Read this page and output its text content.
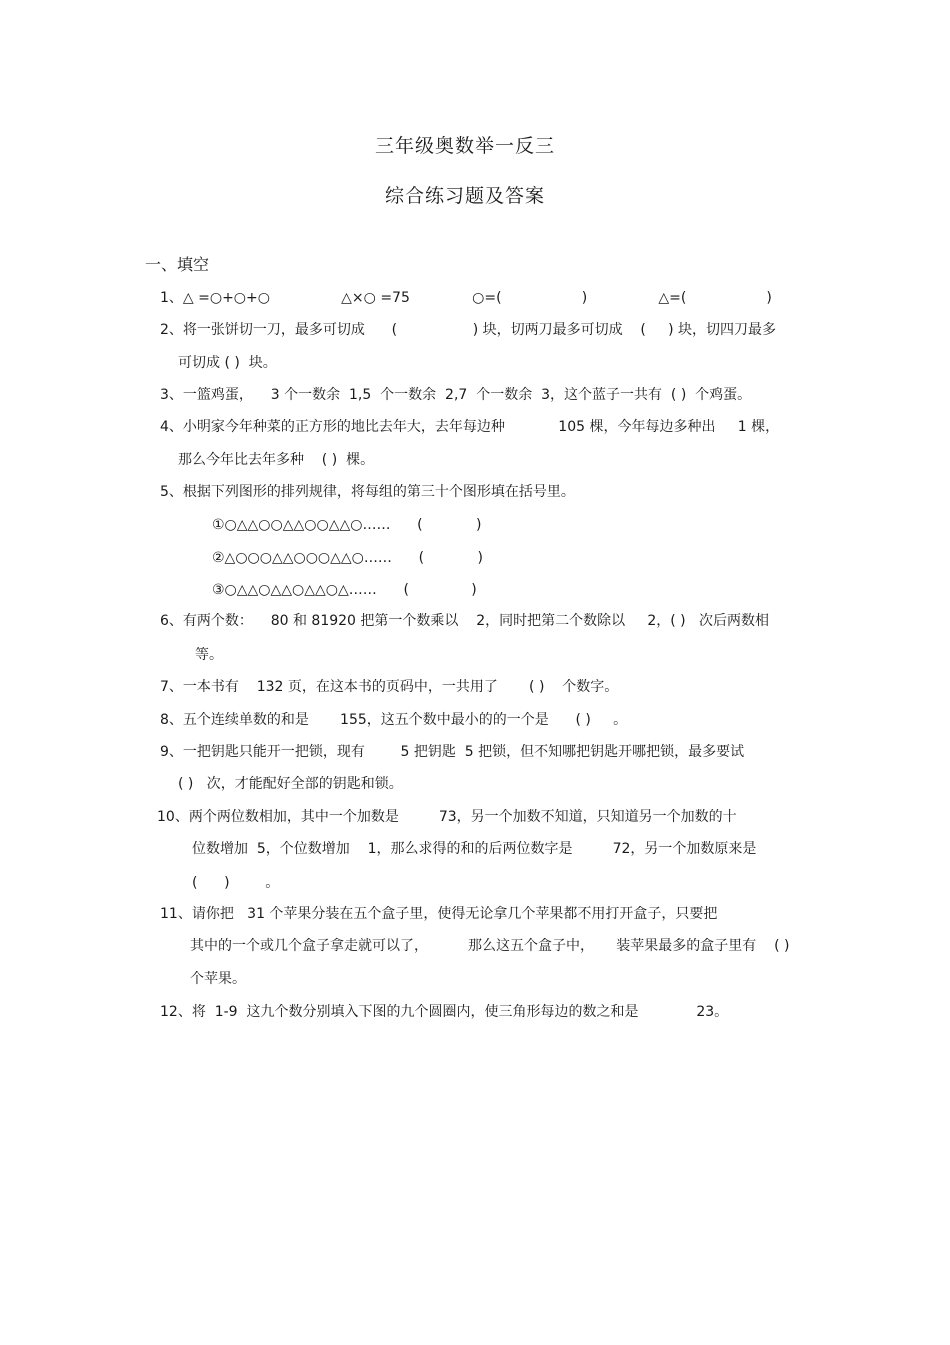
三年级奥数举一反三
综合练习题及答案
一、填空
1、△ =○+○+○                △×○ =75              ○=(                  )                △=(                  )
2、将一张饼切一刀，最多可切成      (                 ) 块，切两刀最多可切成    (     ) 块，切四刀最多
可切成 ( )  块。
3、一篮鸡蛋，    3 个一数余  1,5  个一数余  2,7  个一数余  3，这个蓝子一共有  ( )  个鸡蛋。
4、小明家今年种菜的正方形的地比去年大，去年每边种            105 棵，今年每边多种出     1 棵，
那么今年比去年多种    ( )  棵。
5、根据下列图形的排列规律，将每组的第三十个图形填在括号里。
①○△△○○△△○○△△○……      (            )
②△○○○△△○○○△△○……      (            )
③○△△○△△○△△○△……      (              )
6、有两个数：    80 和 81920 把第一个数乘以    2，同时把第二个数除以     2，( )   次后两数相
等。
7、一本书有    132 页，在这本书的页码中，一共用了       ( )    个数字。
8、五个连续单数的和是       155，这五个数中最小的的一个是      ( )     。
9、一把钥匙只能开一把锁，现有        5 把钥匙  5 把锁，但不知哪把钥匙开哪把锁，最多要试
( )   次，才能配好全部的钥匙和锁。
10、两个两位数相加，其中一个加数是         73，另一个加数不知道，只知道另一个加数的十
位数增加  5，个位数增加    1，那么求得的和的后两位数字是         72，另一个加数原来是
(      )        。
11、请你把   31 个苹果分装在五个盒子里，使得无论拿几个苹果都不用打开盒子，只要把
其中的一个或几个盒子拿走就可以了，         那么这五个盒子中，     装苹果最多的盒子里有    ( )
个苹果。
12、将  1-9  这九个数分别填入下图的九个圆圈内，使三角形每边的数之和是             23。
